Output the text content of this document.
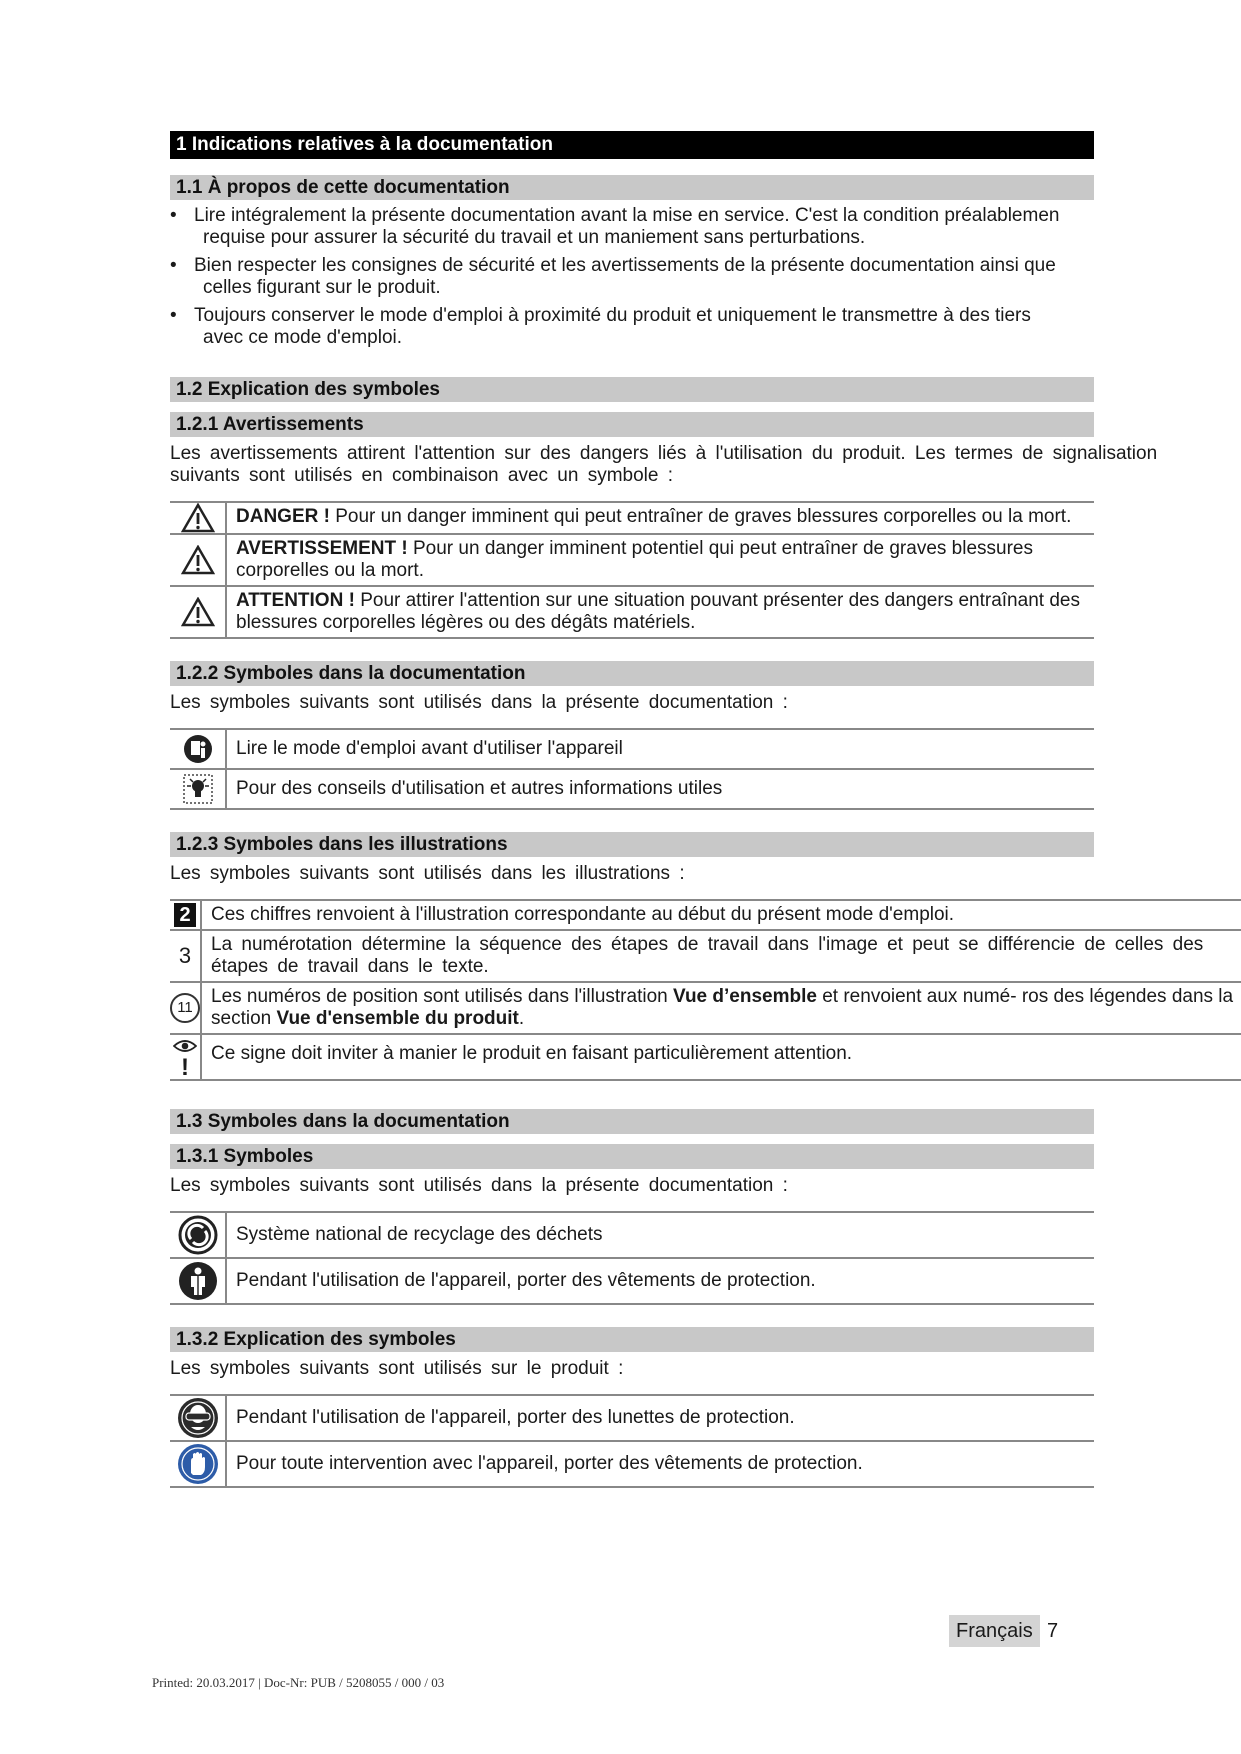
1 Indications relatives à la documentation
1.1 À propos de cette documentation
• Lire intégralement la présente documentation avant la mise en service. C'est la condition préalablemen
requise pour assurer la sécurité du travail et un maniement sans perturbations.
• Bien respecter les consignes de sécurité et les avertissements de la présente documentation ainsi que
celles figurant sur le produit.
• Toujours conserver le mode d'emploi à proximité du produit et uniquement le transmettre à des tiers
avec ce mode d'emploi.
1.2 Explication des symboles
1.2.1 Avertissements

Les avertissements attirent l'attention sur des dangers liés à l'utilisation du produit. Les termes de signalisation suivants sont utilisés en combinaison avec un symbole :

	DANGER ! Pour un danger imminent qui peut entraîner de graves blessures corporelles ou la mort.

	AVERTISSEMENT ! Pour un danger imminent potentiel qui peut entraîner de graves blessures corporelles ou la mort.

	ATTENTION ! Pour attirer l'attention sur une situation pouvant présenter des dangers entraînant des blessures corporelles légères ou des dégâts matériels.
1.2.2 Symboles dans la documentation

Les symboles suivants sont utilisés dans la présente documentation :

	Lire le mode d'emploi avant d'utiliser l'appareil

	Pour des conseils d'utilisation et autres informations utiles
1.2.3 Symboles dans les illustrations

Les symboles suivants sont utilisés dans les illustrations :

2	Ces chiffres renvoient à l'illustration correspondante au début du présent mode d'emploi.

3	La numérotation détermine la séquence des étapes de travail dans l'image et peut se différencie de celles des étapes de travail dans le texte.

11	Les numéros de position sont utilisés dans l'illustration Vue d’ensemble et renvoient aux numé- ros des légendes dans la section Vue d'ensemble du produit.
!	Ce signe doit inviter à manier le produit en faisant particulièrement attention.
1.3 Symboles dans la documentation
1.3.1 Symboles

Les symboles suivants sont utilisés dans la présente documentation :

	Système national de recyclage des déchets

	Pendant l'utilisation de l'appareil, porter des vêtements de protection.
1.3.2 Explication des symboles

Les symboles suivants sont utilisés sur le produit :

	Pendant l'utilisation de l'appareil, porter des lunettes de protection.

	Pour toute intervention avec l'appareil, porter des vêtements de protection.
Français 7
Printed: 20.03.2017 | Doc-Nr: PUB / 5208055 / 000 / 03
